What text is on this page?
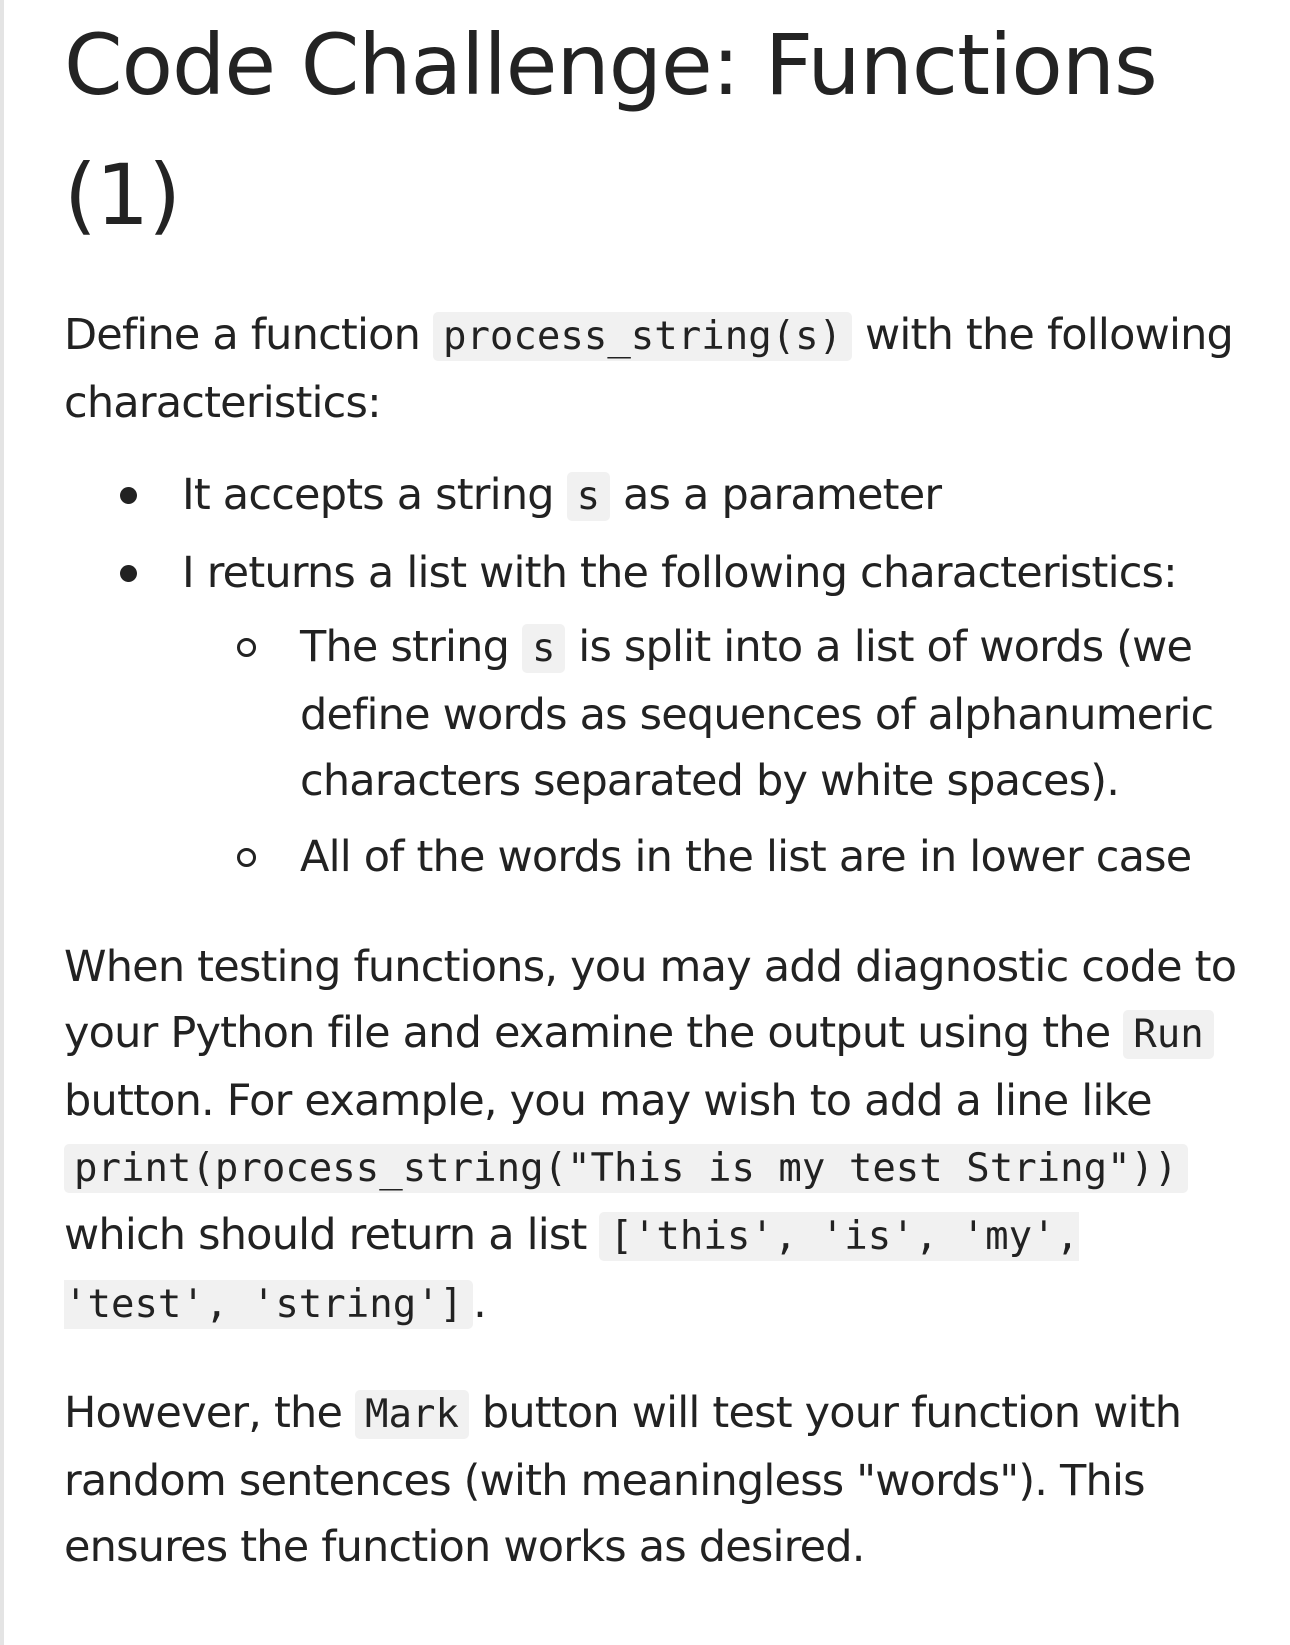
Code Challenge: Functions (1)

Define a function process_string(s) with the following characteristics:

It accepts a string s as a parameter
I returns a list with the following characteristics:
The string s is split into a list of words (we define words as sequences of alphanumeric characters separated by white spaces).
All of the words in the list are in lower case

When testing functions, you may add diagnostic code to your Python file and examine the output using the Run button. For example, you may wish to add a line like print(process_string("This is my test String")) which should return a list ['this', 'is', 'my', 'test', 'string'] .

However, the Mark button will test your function with random sentences (with meaningless "words"). This ensures the function works as desired.
